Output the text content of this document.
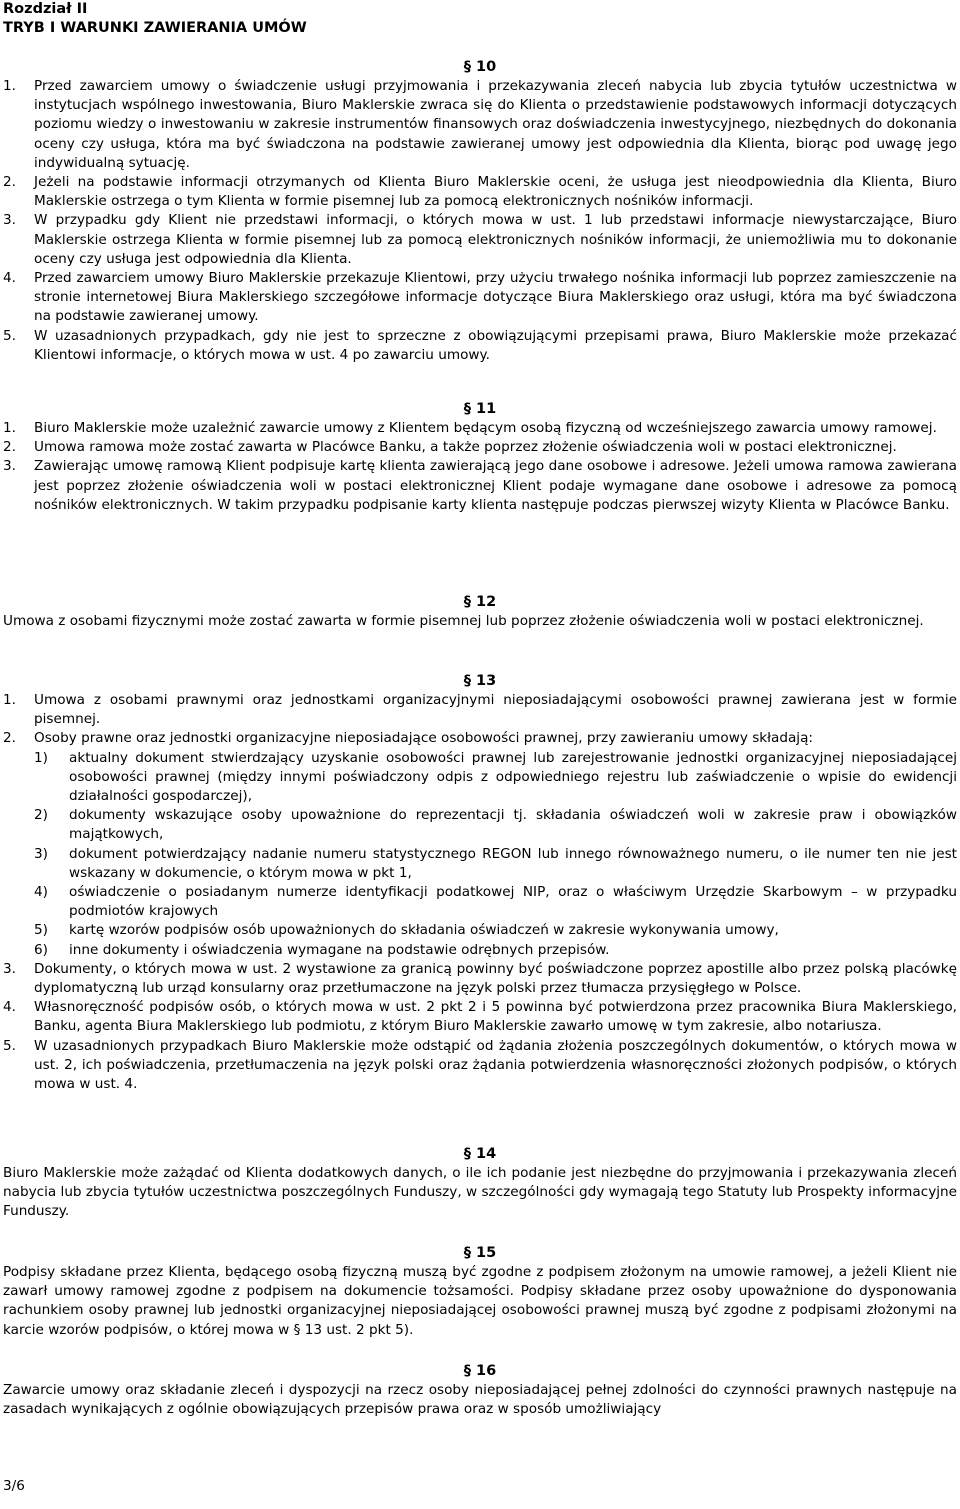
Rozdział II

TRYB I WARUNKI ZAWIERANIA UMÓW

§ 10

1.	Przed zawarciem umowy o świadczenie usługi przyjmowania i przekazywania zleceń nabycia lub zbycia tytułów uczestnictwa w instytucjach wspólnego inwestowania, Biuro Maklerskie zwraca się do Klienta o przedstawienie podstawowych informacji dotyczących poziomu wiedzy o inwestowaniu w zakresie instrumentów finansowych oraz doświadczenia inwestycyjnego, niezbędnych do dokonania oceny czy usługa, która ma być świadczona na podstawie zawieranej umowy jest odpowiednia dla Klienta, biorąc pod uwagę jego indywidualną sytuację.
2.	Jeżeli na podstawie informacji otrzymanych od Klienta Biuro Maklerskie oceni, że usługa jest nieodpowiednia dla Klienta, Biuro Maklerskie ostrzega o tym Klienta w formie pisemnej lub za pomocą elektronicznych nośników informacji.
3.	W przypadku gdy Klient nie przedstawi informacji, o których mowa w ust. 1 lub przedstawi informacje niewystarczające, Biuro Maklerskie ostrzega Klienta w formie pisemnej lub za pomocą elektronicznych nośników informacji, że uniemożliwia mu to dokonanie oceny czy usługa jest odpowiednia dla Klienta.
4.	Przed zawarciem umowy Biuro Maklerskie przekazuje Klientowi, przy użyciu trwałego nośnika informacji lub poprzez zamieszczenie na stronie internetowej Biura Maklerskiego szczegółowe informacje dotyczące Biura Maklerskiego oraz usługi, która ma być świadczona na podstawie zawieranej umowy.
5.	W uzasadnionych przypadkach, gdy nie jest to sprzeczne z obowiązującymi przepisami prawa, Biuro Maklerskie może przekazać Klientowi informacje, o których mowa w ust. 4 po zawarciu umowy.

§ 11

1.	Biuro Maklerskie może uzależnić zawarcie umowy z Klientem będącym osobą fizyczną od wcześniejszego zawarcia umowy ramowej.
2.	Umowa ramowa może zostać zawarta w Placówce Banku, a także poprzez złożenie oświadczenia woli w postaci elektronicznej.
3.	Zawierając umowę ramową Klient podpisuje kartę klienta zawierającą jego dane osobowe i adresowe. Jeżeli umowa ramowa zawierana jest poprzez złożenie oświadczenia woli w postaci elektronicznej Klient podaje wymagane dane osobowe i adresowe za pomocą nośników elektronicznych. W takim przypadku podpisanie karty klienta następuje podczas pierwszej wizyty Klienta w Placówce Banku.

§ 12

Umowa z osobami fizycznymi może zostać zawarta w formie pisemnej lub poprzez złożenie oświadczenia woli w postaci elektronicznej.

§ 13

1.	Umowa z osobami prawnymi oraz jednostkami organizacyjnymi nieposiadającymi osobowości prawnej zawierana jest w formie pisemnej.
2.	Osoby prawne oraz jednostki organizacyjne nieposiadające osobowości prawnej, przy zawieraniu umowy składają:
1)	aktualny dokument stwierdzający uzyskanie osobowości prawnej lub zarejestrowanie jednostki organizacyjnej nieposiadającej osobowości prawnej (między innymi poświadczony odpis z odpowiedniego rejestru lub zaświadczenie o wpisie do ewidencji działalności gospodarczej),
2)	dokumenty wskazujące osoby upoważnione do reprezentacji tj. składania oświadczeń woli w zakresie praw i obowiązków majątkowych,
3)	dokument potwierdzający nadanie numeru statystycznego REGON lub innego równoważnego numeru, o ile numer ten nie jest wskazany w dokumencie, o którym mowa w pkt 1,
4)	oświadczenie o posiadanym numerze identyfikacji podatkowej NIP, oraz o właściwym Urzędzie Skarbowym – w przypadku podmiotów krajowych
5)	kartę wzorów podpisów osób upoważnionych do składania oświadczeń w zakresie wykonywania umowy,
6)	inne dokumenty i oświadczenia wymagane na podstawie odrębnych przepisów.
3.	Dokumenty, o których mowa w ust. 2 wystawione za granicą powinny być poświadczone poprzez apostille albo przez polską placówkę dyplomatyczną lub urząd konsularny oraz przetłumaczone na język polski przez tłumacza przysięgłego w Polsce.
4.	Własnoręczność podpisów osób, o których mowa w ust. 2 pkt 2 i 5 powinna być potwierdzona przez pracownika Biura Maklerskiego, Banku, agenta Biura Maklerskiego lub podmiotu, z którym Biuro Maklerskie zawarło umowę w tym zakresie, albo notariusza.
5.	W uzasadnionych przypadkach Biuro Maklerskie może odstąpić od żądania złożenia poszczególnych dokumentów, o których mowa w ust. 2, ich poświadczenia, przetłumaczenia na język polski oraz żądania potwierdzenia własnoręczności złożonych podpisów, o których mowa w ust. 4.

§ 14

Biuro Maklerskie może zażądać od Klienta dodatkowych danych, o ile ich podanie jest niezbędne do przyjmowania i przekazywania zleceń nabycia lub zbycia tytułów uczestnictwa poszczególnych Funduszy, w szczególności gdy wymagają tego Statuty lub Prospekty informacyjne Funduszy.

§ 15

Podpisy składane przez Klienta, będącego osobą fizyczną muszą być zgodne z podpisem złożonym na umowie ramowej, a jeżeli Klient nie zawarł umowy ramowej zgodne z podpisem na dokumencie tożsamości. Podpisy składane przez osoby upoważnione do dysponowania rachunkiem osoby prawnej lub jednostki organizacyjnej nieposiadającej osobowości prawnej muszą być zgodne z podpisami złożonymi na karcie wzorów podpisów, o której mowa w § 13 ust. 2 pkt 5).

§ 16

Zawarcie umowy oraz składanie zleceń i dyspozycji na rzecz osoby nieposiadającej pełnej zdolności do czynności prawnych następuje na zasadach wynikających z ogólnie obowiązujących przepisów prawa oraz w sposób umożliwiający

3/6
